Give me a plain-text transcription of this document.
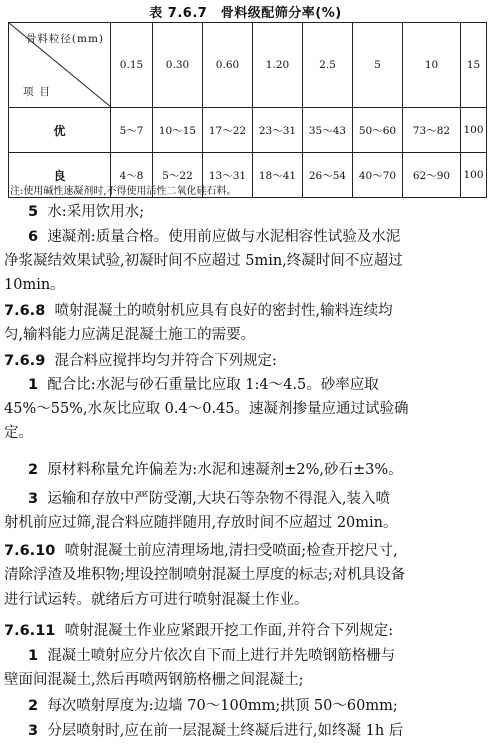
表 7.6.7　骨料级配筛分率(%)
骨料粒径(mm)
项目	0.15	0.30	0.60	1.20	2.5	5	10	15
优	5～7	10～15	17～22	23～31	35～43	50～60	73～82	100
良	4～8	5～22	13～31	18～41	26～54	40～70	62～90	100
注:使用碱性速凝剂时,不得使用活性二氧化硅石料。
5 水:采用饮用水;
6 速凝剂:质量合格。使用前应做与水泥相容性试验及水泥
净浆凝结效果试验,初凝时间不应超过 5min,终凝时间不应超过
10min。
7.6.8 喷射混凝土的喷射机应具有良好的密封性,输料连续均
匀,输料能力应满足混凝土施工的需要。
7.6.9 混合料应搅拌均匀并符合下列规定:
1 配合比:水泥与砂石重量比应取 1:4～4.5。砂率应取
45%～55%,水灰比应取 0.4～0.45。速凝剂掺量应通过试验确
定。
2 原材料称量允许偏差为:水泥和速凝剂±2%,砂石±3%。
3 运输和存放中严防受潮,大块石等杂物不得混入,装入喷
射机前应过筛,混合料应随拌随用,存放时间不应超过 20min。
7.6.10 喷射混凝土前应清理场地,清扫受喷面;检查开挖尺寸,
清除浮渣及堆积物;埋设控制喷射混凝土厚度的标志;对机具设备
进行试运转。就绪后方可进行喷射混凝土作业。
7.6.11 喷射混凝土作业应紧跟开挖工作面,并符合下列规定:
1 混凝土喷射应分片依次自下而上进行并先喷钢筋格栅与
壁面间混凝土,然后再喷两钢筋格栅之间混凝土;
2 每次喷射厚度为:边墙 70～100mm;拱顶 50～60mm;
3 分层喷射时,应在前一层混凝土终凝后进行,如终凝 1h 后
